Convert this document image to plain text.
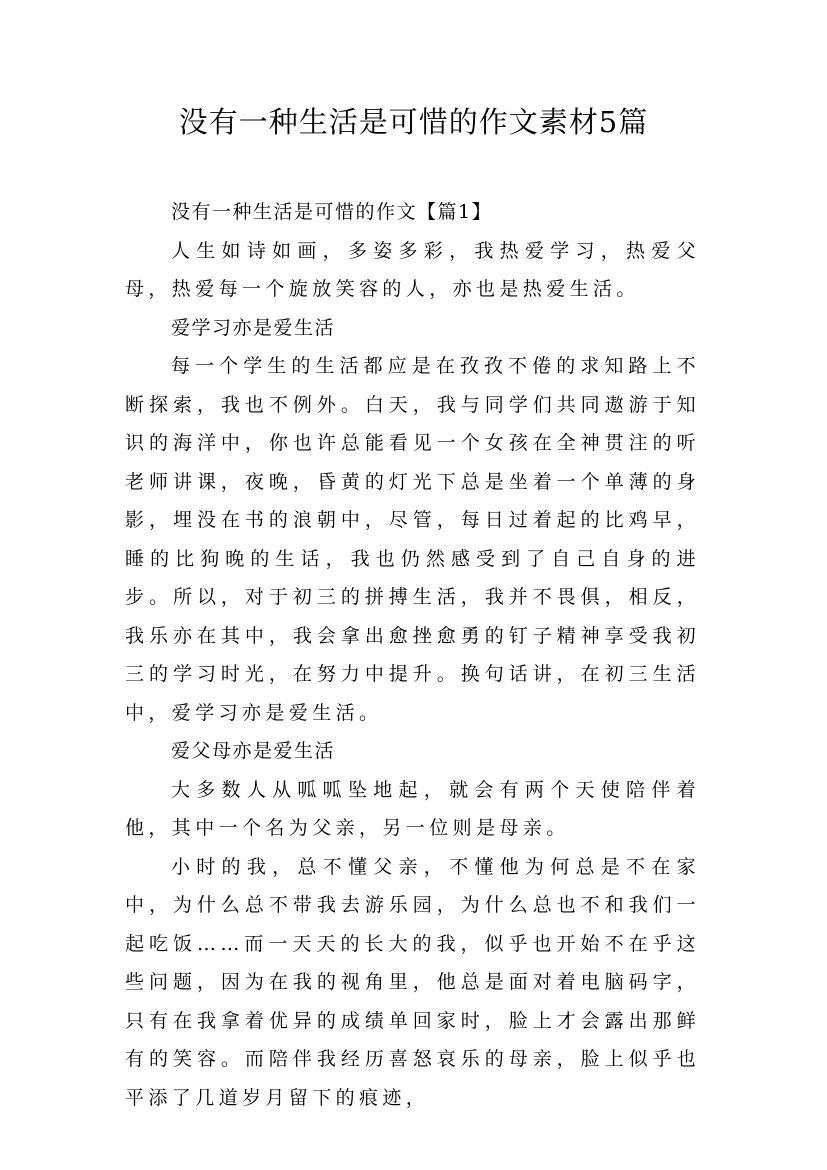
没有一种生活是可惜的作文素材5篇

没有一种生活是可惜的作文【篇1】

人生如诗如画，多姿多彩，我热爱学习，热爱父母，热爱每一个旋放笑容的人，亦也是热爱生活。

爱学习亦是爱生活

每一个学生的生活都应是在孜孜不倦的求知路上不断探索，我也不例外。白天，我与同学们共同遨游于知识的海洋中，你也许总能看见一个女孩在全神贯注的听老师讲课，夜晚，昏黄的灯光下总是坐着一个单薄的身影，埋没在书的浪朝中，尽管，每日过着起的比鸡早，睡的比狗晚的生话，我也仍然感受到了自己自身的进步。所以，对于初三的拼搏生活，我并不畏俱，相反，我乐亦在其中，我会拿出愈挫愈勇的钉子精神享受我初三的学习时光，在努力中提升。换句话讲，在初三生活中，爱学习亦是爱生活。

爱父母亦是爱生活

大多数人从呱呱坠地起，就会有两个天使陪伴着他，其中一个名为父亲，另一位则是母亲。

小时的我，总不懂父亲，不懂他为何总是不在家中，为什么总不带我去游乐园，为什么总也不和我们一起吃饭……而一天天的长大的我，似乎也开始不在乎这些问题，因为在我的视角里，他总是面对着电脑码字，只有在我拿着优异的成绩单回家时，脸上才会露出那鲜有的笑容。而陪伴我经历喜怒哀乐的母亲，脸上似乎也平添了几道岁月留下的痕迹，
